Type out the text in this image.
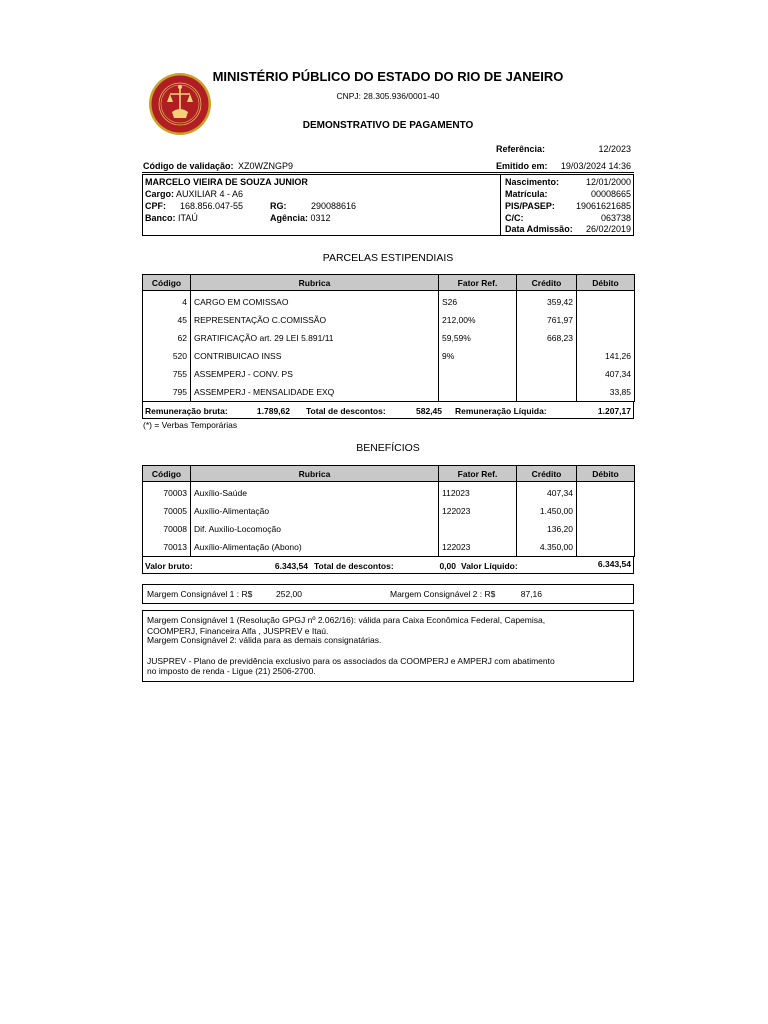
MINISTÉRIO PÚBLICO DO ESTADO DO RIO DE JANEIRO
CNPJ: 28.305.936/0001-40
DEMONSTRATIVO DE PAGAMENTO
Referência:	12/2023
Código de validação: XZ0WZNGP9	Emitido em:	19/03/2024 14:36
MARCELO VIEIRA DE SOUZA JUNIOR
Cargo: AUXILIAR 4 - A6
CPF: 168.856.047-55	RG:	290088616
Banco: ITAÚ	Agência: 0312
Nascimento:	12/01/2000
Matrícula:	00008665
PIS/PASEP:	19061621685
C/C:	063738
Data Admissão:	26/02/2019
PARCELAS ESTIPENDIAIS
Código	Rubrica	Fator Ref.	Crédito	Débito
4	CARGO EM COMISSAO	S26	359,42	
45	REPRESENTAÇÃO C.COMISSÃO	212,00%	761,97	
62	GRATIFICAÇÃO art. 29 LEI 5.891/11	59,59%	668,23	
520	CONTRIBUICAO INSS	9%		141,26
755	ASSEMPERJ - CONV. PS			407,34
795	ASSEMPERJ - MENSALIDADE EXQ			33,85
Remuneração bruta:	1.789,62 Total de descontos:	582,45 Remuneração Líquida:	1.207,17
(*) = Verbas Temporárias
BENEFÍCIOS
Código	Rubrica	Fator Ref.	Crédito	Débito
70003	Auxílio-Saúde	112023	407,34	
70005	Auxílio-Alimentação	122023	1.450,00	
70008	Dif. Auxílio-Locomoção		136,20	
70013	Auxílio-Alimentação (Abono)	122023	4.350,00	
Valor bruto:	6.343,54 Total de descontos:	0,00 Valor Líquido:	6.343,54
Margem Consignável 1 : R$	252,00	Margem Consignável 2 : R$	87,16
Margem Consignável 1 (Resolução GPGJ nº 2.062/16): válida para Caixa Econômica Federal, Capemisa,
COOMPERJ, Financeira Alfa , JUSPREV e Itaú.
Margem Consignável 2: válida para as demais consignatárias.
JUSPREV - Plano de previdência exclusivo para os associados da COOMPERJ e AMPERJ com abatimento
no imposto de renda - Ligue (21) 2506-2700.
